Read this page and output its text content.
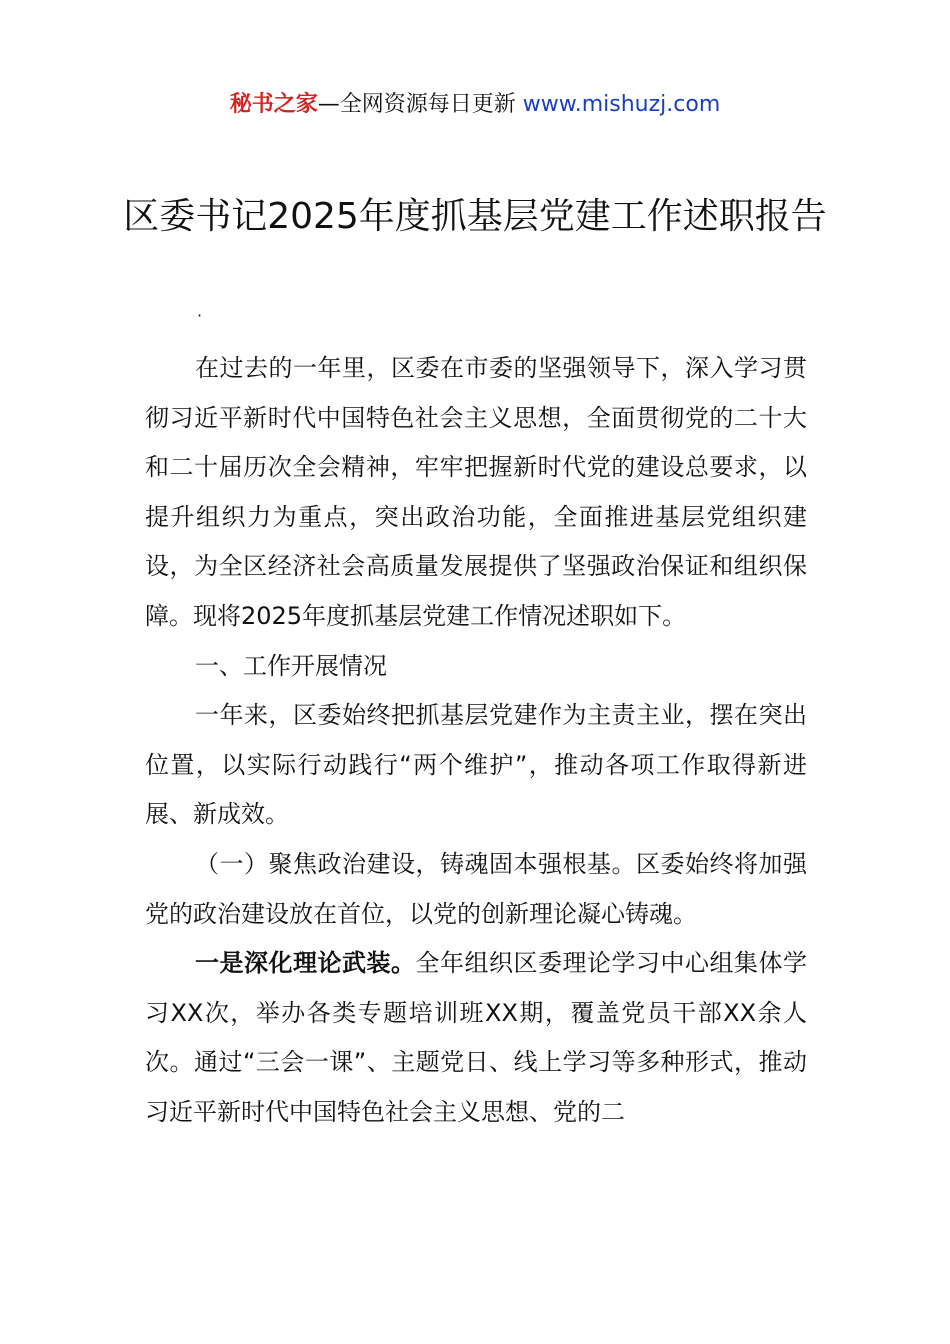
秘书之家—全网资源每日更新 www.mishuzj.com
区委书记2025年度抓基层党建工作述职报告
·

在过去的一年里，区委在市委的坚强领导下，深入学习贯彻习近平新时代中国特色社会主义思想，全面贯彻党的二十大和二十届历次全会精神，牢牢把握新时代党的建设总要求，以提升组织力为重点，突出政治功能，全面推进基层党组织建设，为全区经济社会高质量发展提供了坚强政治保证和组织保障。现将2025年度抓基层党建工作情况述职如下。

一、工作开展情况

一年来，区委始终把抓基层党建作为主责主业，摆在突出位置，以实际行动践行“两个维护”，推动各项工作取得新进展、新成效。

（一）聚焦政治建设，铸魂固本强根基。区委始终将加强党的政治建设放在首位，以党的创新理论凝心铸魂。

一是深化理论武装。全年组织区委理论学习中心组集体学习XX次，举办各类专题培训班XX期，覆盖党员干部XX余人次。通过“三会一课”、主题党日、线上学习等多种形式，推动习近平新时代中国特色社会主义思想、党的二
